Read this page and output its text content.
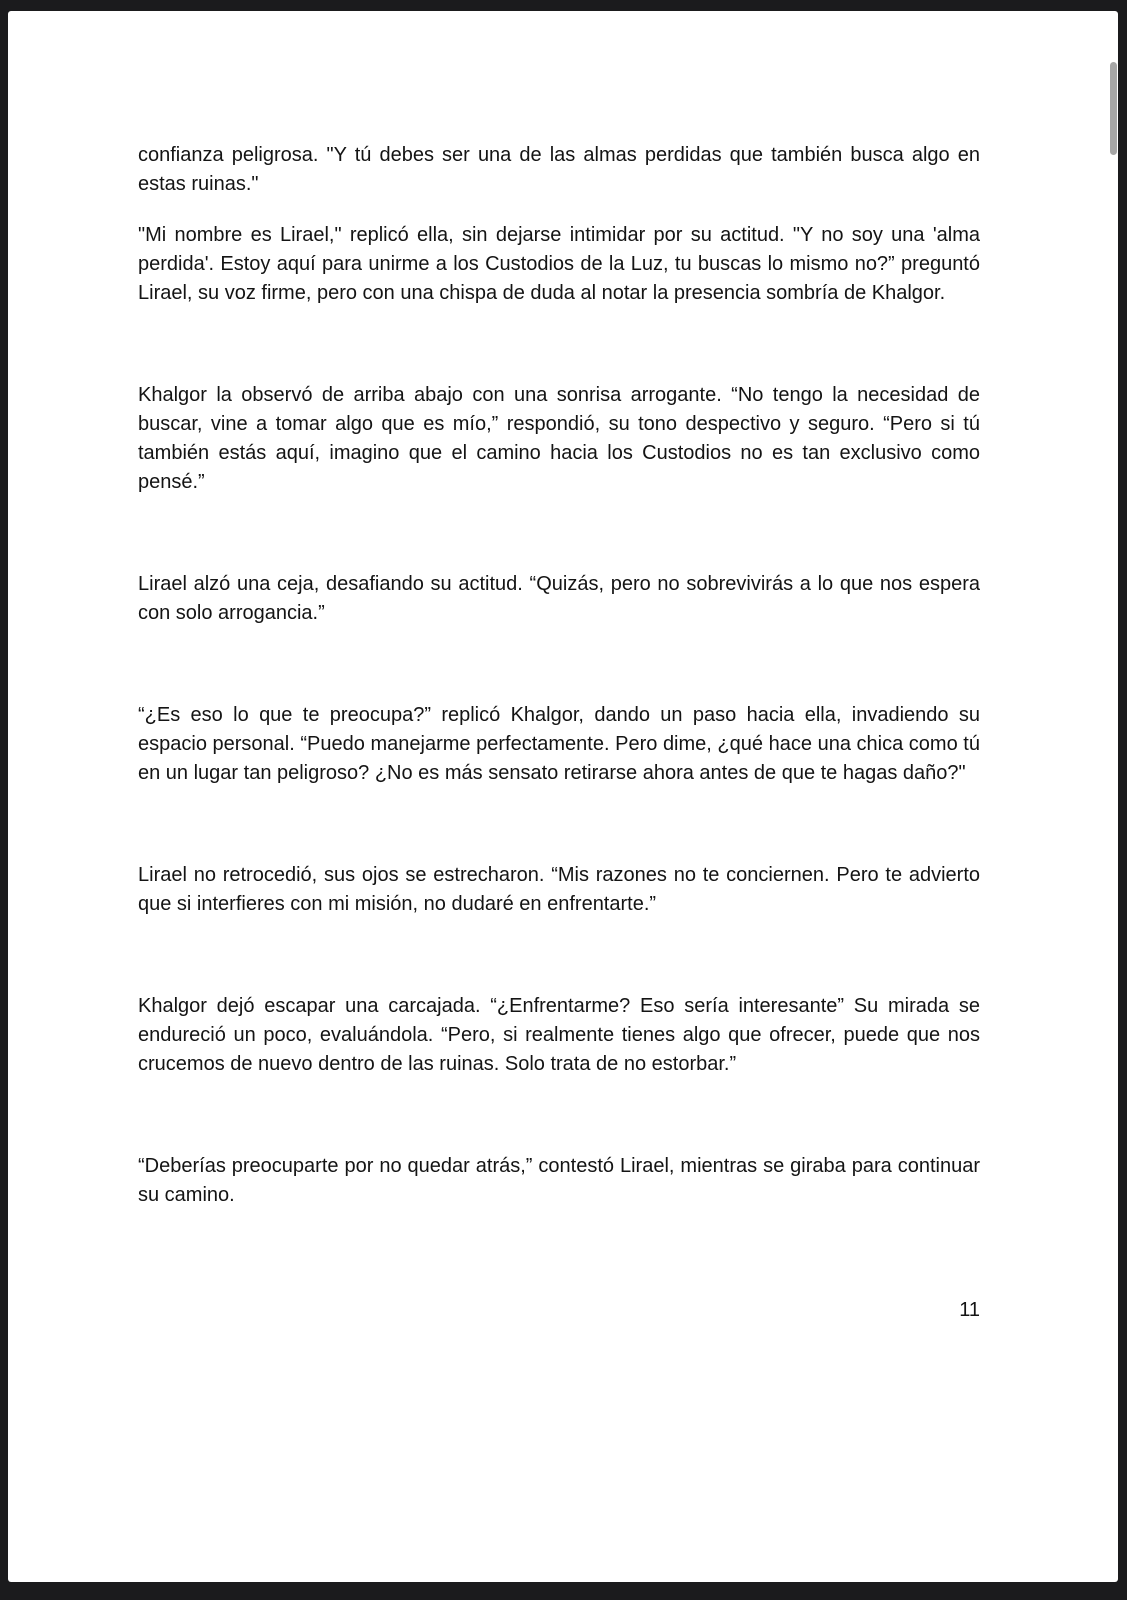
confianza peligrosa. "Y tú debes ser una de las almas perdidas que también busca algo en estas ruinas."

"Mi nombre es Lirael," replicó ella, sin dejarse intimidar por su actitud. "Y no soy una 'alma perdida'. Estoy aquí para unirme a los Custodios de la Luz, tu buscas lo mismo no?” preguntó Lirael, su voz firme, pero con una chispa de duda al notar la presencia sombría de Khalgor.

Khalgor la observó de arriba abajo con una sonrisa arrogante. “No tengo la necesidad de buscar, vine a tomar algo que es mío,” respondió, su tono despectivo y seguro. “Pero si tú también estás aquí, imagino que el camino hacia los Custodios no es tan exclusivo como pensé.”

Lirael alzó una ceja, desafiando su actitud. “Quizás, pero no sobrevivirás a lo que nos espera con solo arrogancia.”

“¿Es eso lo que te preocupa?” replicó Khalgor, dando un paso hacia ella, invadiendo su espacio personal. “Puedo manejarme perfectamente. Pero dime, ¿qué hace una chica como tú en un lugar tan peligroso? ¿No es más sensato retirarse ahora antes de que te hagas daño?"

Lirael no retrocedió, sus ojos se estrecharon. “Mis razones no te conciernen. Pero te advierto que si interfieres con mi misión, no dudaré en enfrentarte.”

Khalgor dejó escapar una carcajada. “¿Enfrentarme? Eso sería interesante” Su mirada se endureció un poco, evaluándola. “Pero, si realmente tienes algo que ofrecer, puede que nos crucemos de nuevo dentro de las ruinas. Solo trata de no estorbar.”

“Deberías preocuparte por no quedar atrás,” contestó Lirael, mientras se giraba para continuar su camino.

11
